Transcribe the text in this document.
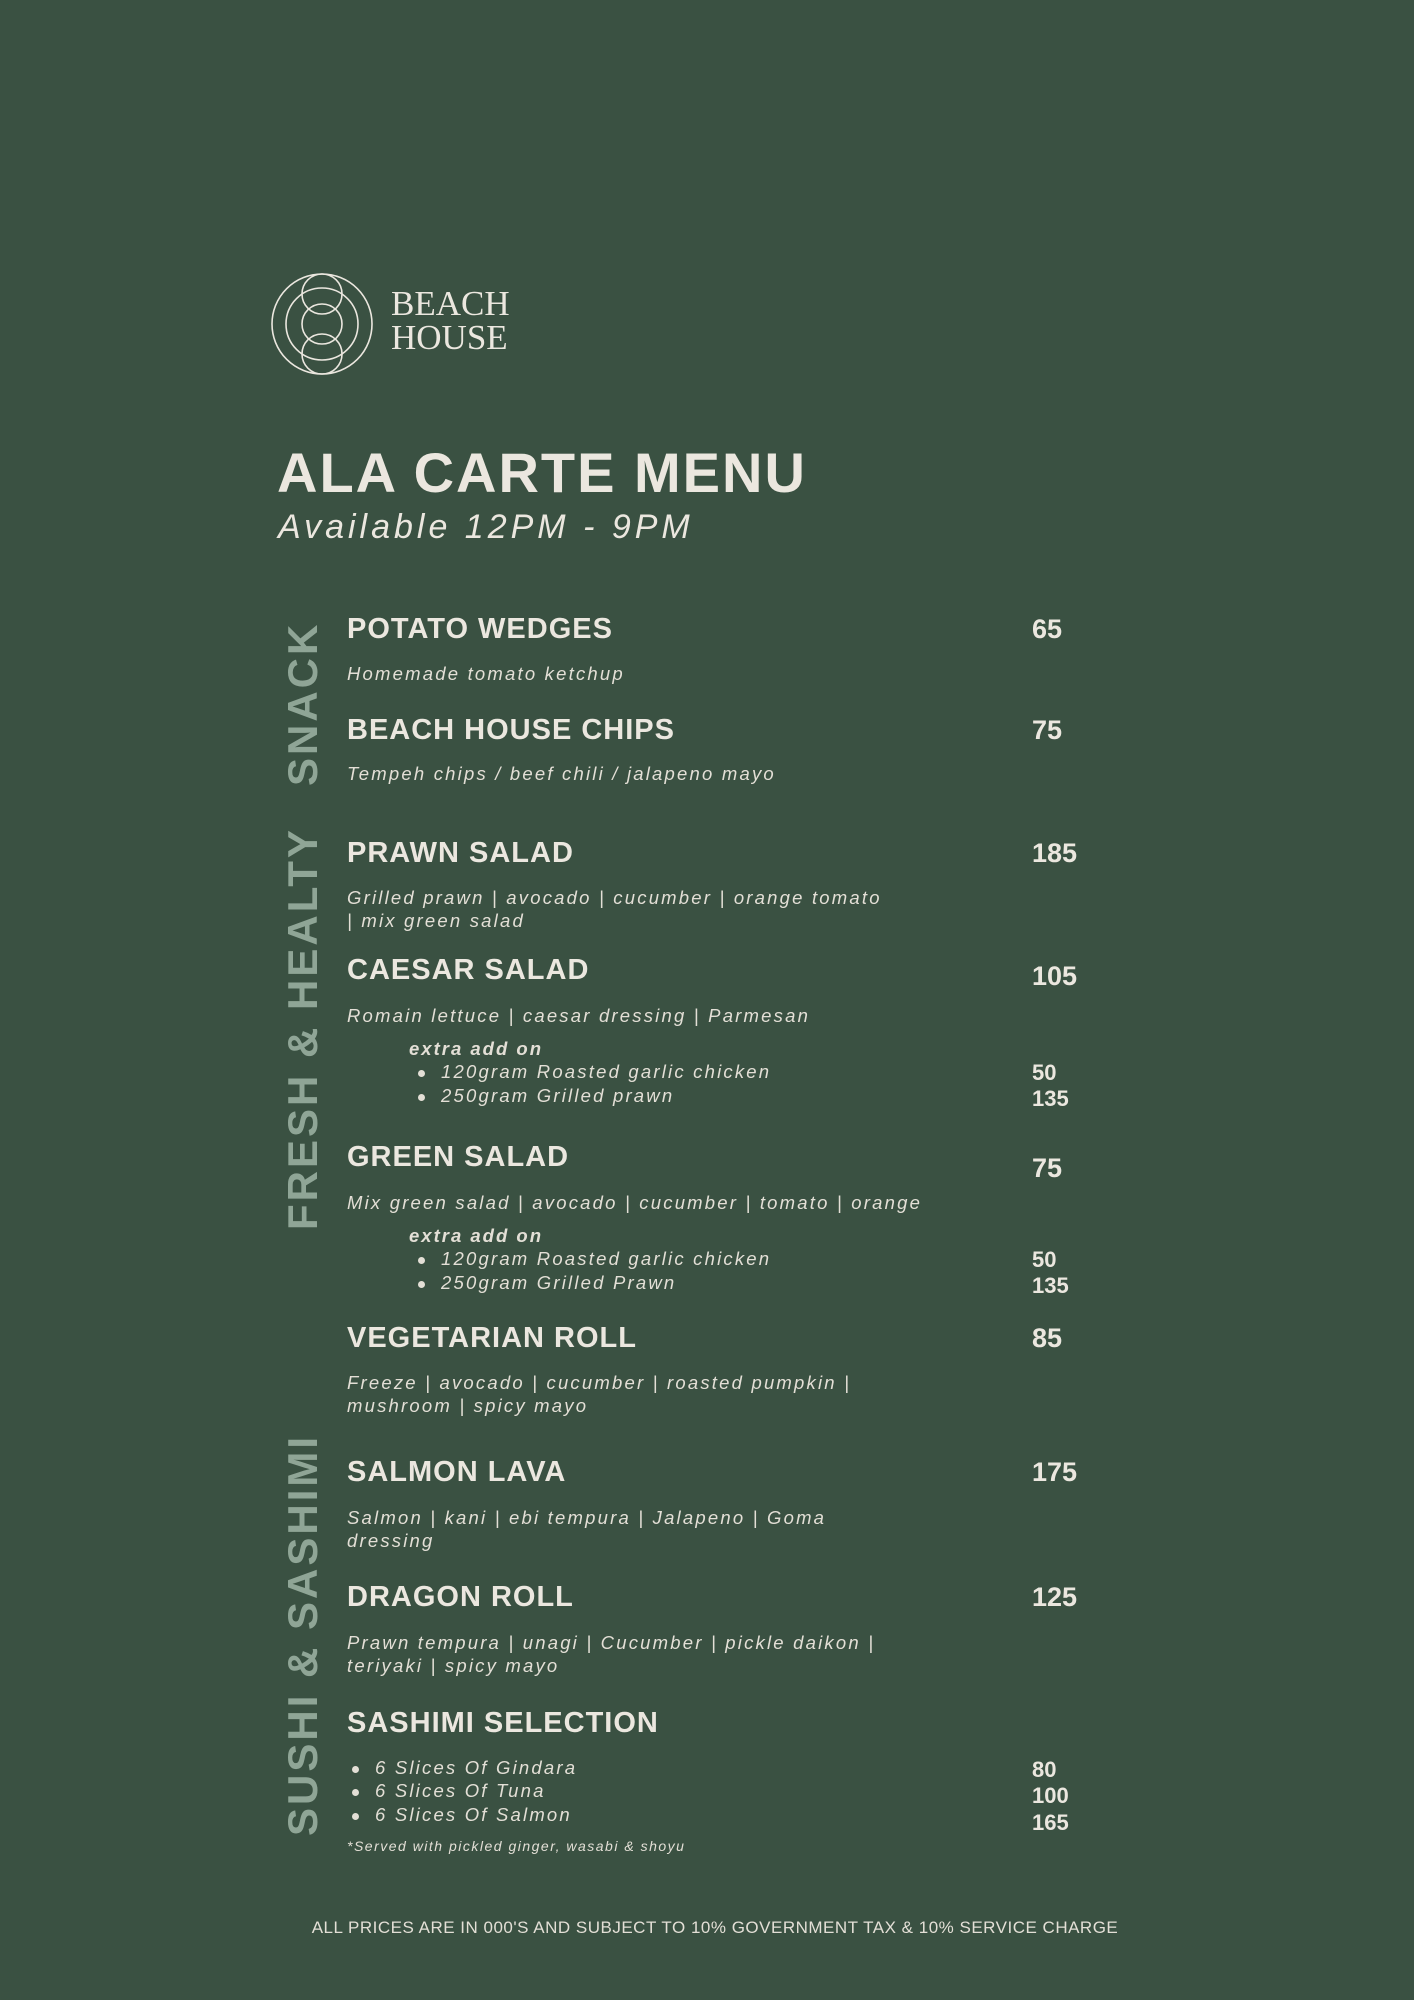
BEACH
HOUSE
ALA CARTE MENU
Available 12PM - 9PM
SNACK
FRESH & HEALTY
SUSHI & SASHIMI
POTATO WEDGES	65
Homemade tomato ketchup
BEACH HOUSE CHIPS	75
Tempeh chips / beef chili / jalapeno mayo
PRAWN SALAD	185
Grilled prawn | avocado | cucumber | orange tomato | mix green salad
CAESAR SALAD	105
Romain lettuce | caesar dressing | Parmesan
extra add on
120gram Roasted garlic chicken	50
250gram Grilled prawn	135
GREEN SALAD	75
Mix green salad | avocado | cucumber | tomato | orange
extra add on
120gram Roasted garlic chicken	50
250gram Grilled Prawn	135
VEGETARIAN ROLL	85
Freeze | avocado | cucumber | roasted pumpkin | mushroom | spicy mayo
SALMON LAVA	175
Salmon | kani | ebi tempura | Jalapeno | Goma dressing
DRAGON ROLL	125
Prawn tempura | unagi | Cucumber | pickle daikon | teriyaki | spicy mayo
SASHIMI SELECTION
6 Slices Of Gindara	80
6 Slices Of Tuna	100
6 Slices Of Salmon	165
*Served with pickled ginger, wasabi & shoyu
ALL PRICES ARE IN 000'S AND SUBJECT TO 10% GOVERNMENT TAX & 10% SERVICE CHARGE
